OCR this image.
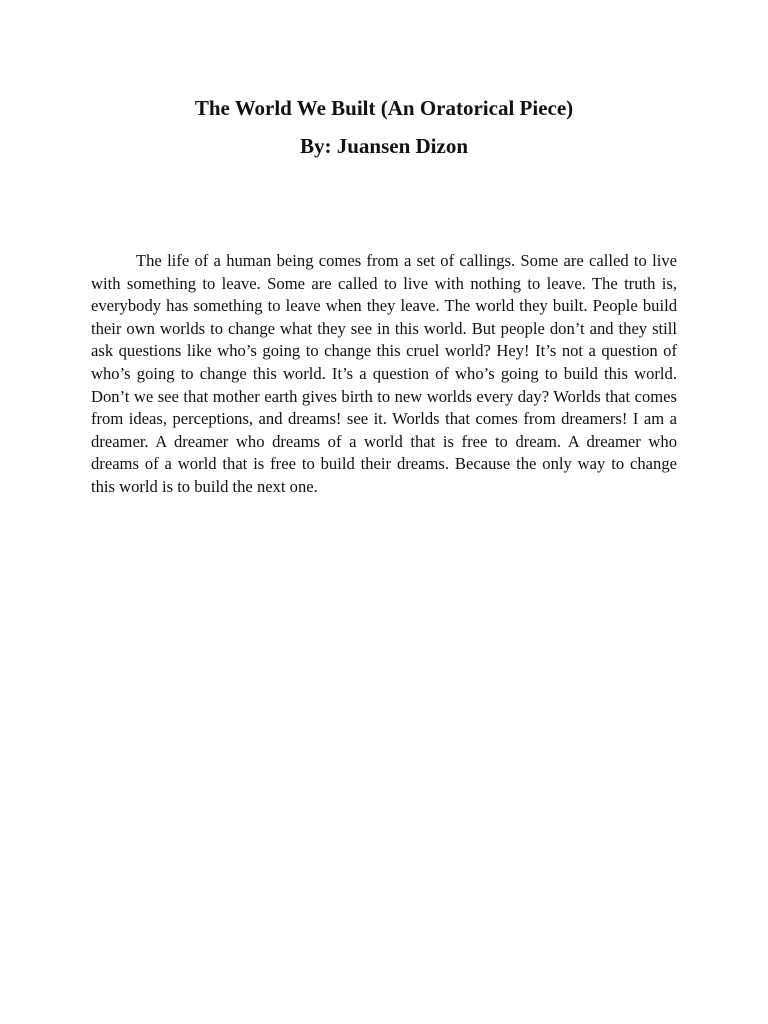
The World We Built (An Oratorical Piece)
By: Juansen Dizon

The life of a human being comes from a set of callings. Some are called to live with something to leave. Some are called to live with nothing to leave. The truth is, everybody has something to leave when they leave. The world they built. People build their own worlds to change what they see in this world. But people don’t and they still ask questions like who’s going to change this cruel world? Hey! It’s not a question of who’s going to change this world. It’s a question of who’s going to build this world. Don’t we see that mother earth gives birth to new worlds every day? Worlds that comes from ideas, perceptions, and dreams! see it. Worlds that comes from dreamers! I am a dreamer. A dreamer who dreams of a world that is free to dream. A dreamer who dreams of a world that is free to build their dreams. Because the only way to change this world is to build the next one.
